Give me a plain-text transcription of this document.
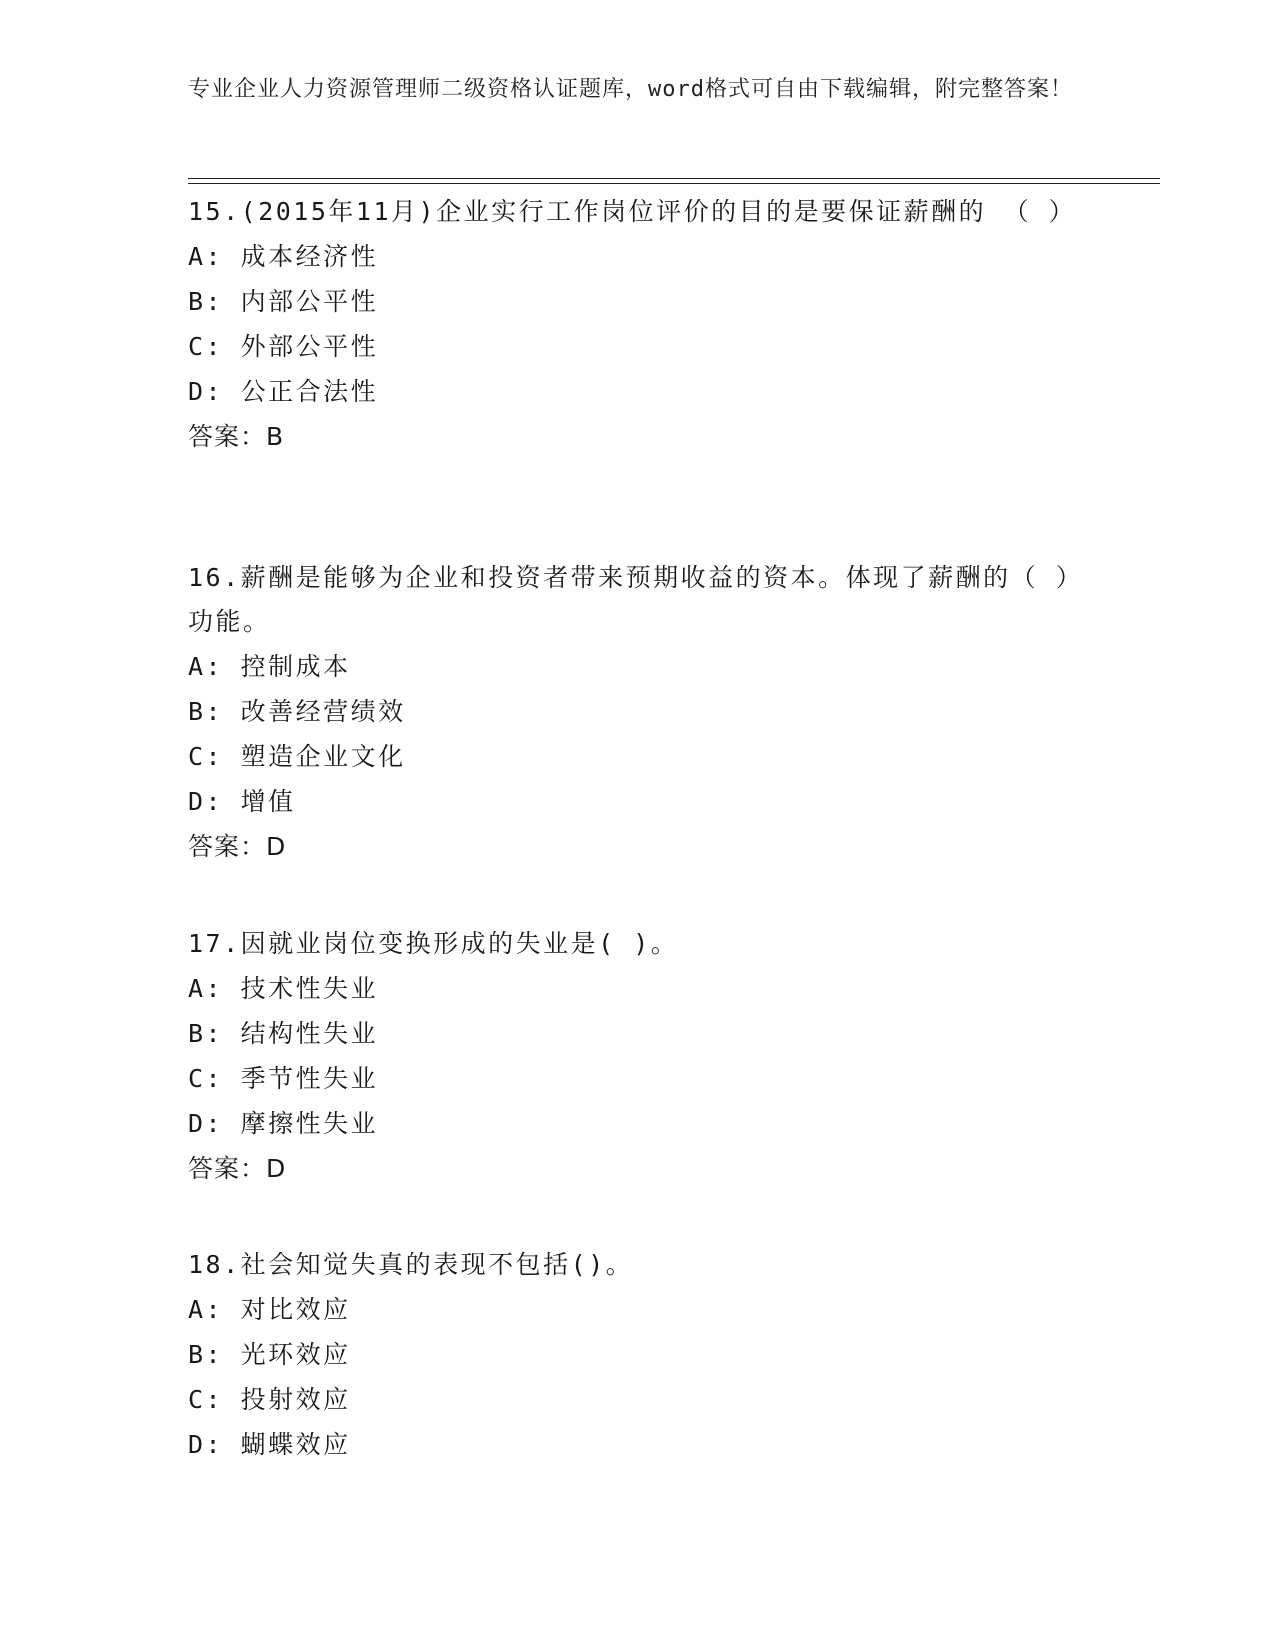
专业企业人力资源管理师二级资格认证题库，word格式可自由下载编辑，附完整答案！

15.(2015年11月)企业实行工作岗位评价的目的是要保证薪酬的 （ ）

A: 成本经济性

B: 内部公平性

C: 外部公平性

D: 公正合法性

答案：B

16.薪酬是能够为企业和投资者带来预期收益的资本。体现了薪酬的（ ）功能。

A: 控制成本

B: 改善经营绩效

C: 塑造企业文化

D: 增值

答案：D

17.因就业岗位变换形成的失业是( )。

A: 技术性失业

B: 结构性失业

C: 季节性失业

D: 摩擦性失业

答案：D

18.社会知觉失真的表现不包括()。

A: 对比效应

B: 光环效应

C: 投射效应

D: 蝴蝶效应
